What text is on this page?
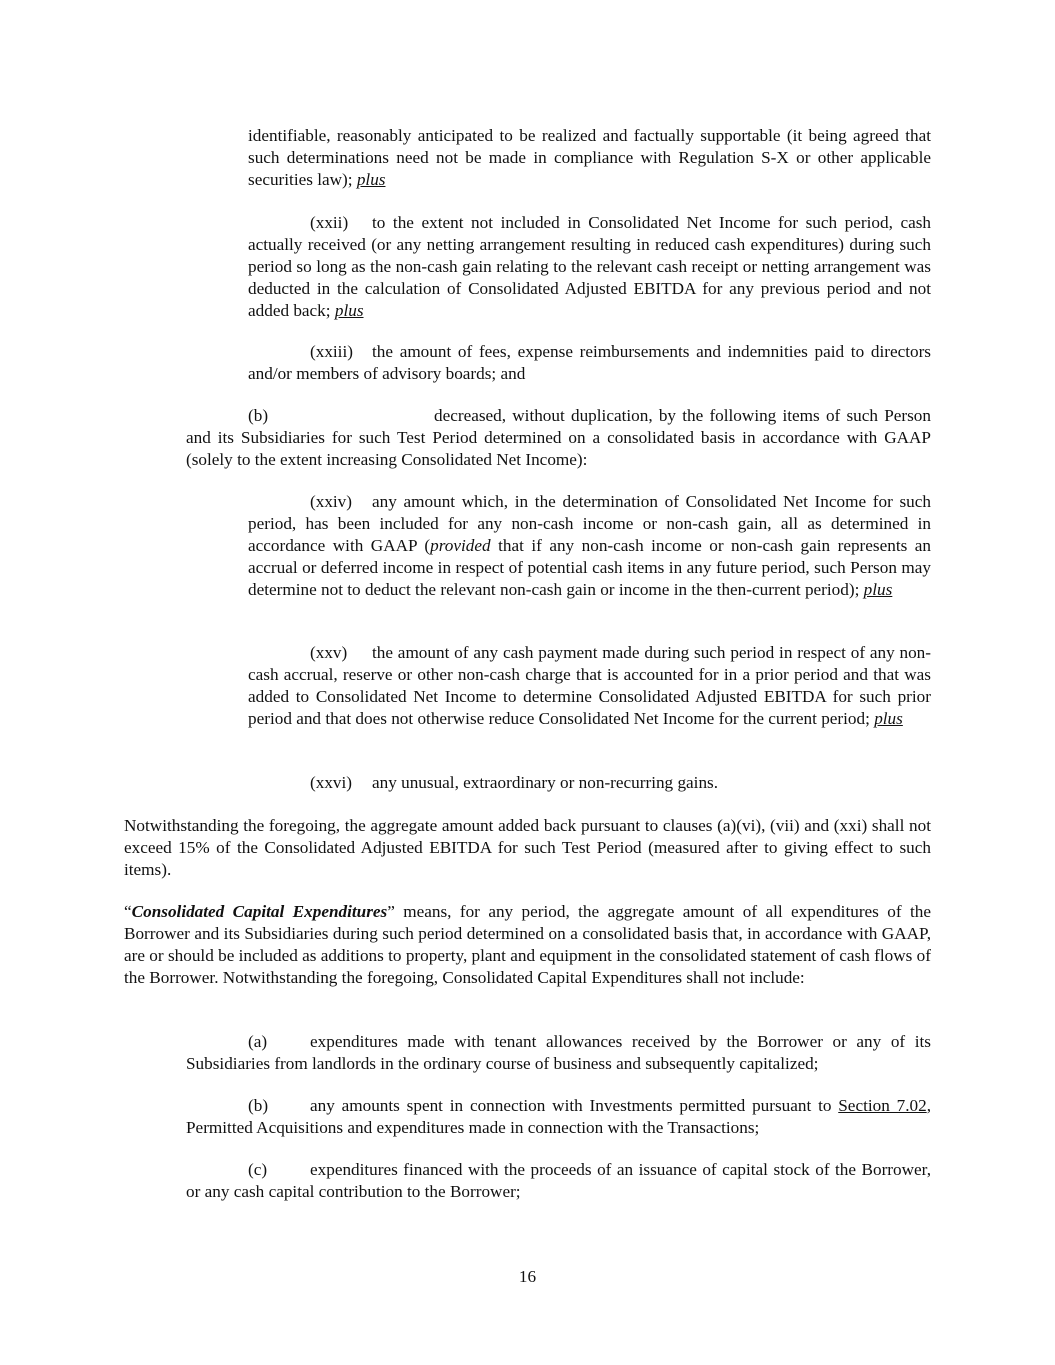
identifiable, reasonably anticipated to be realized and factually supportable (it being agreed that such determinations need not be made in compliance with Regulation S-X or other applicable securities law); plus

(xxii) to the extent not included in Consolidated Net Income for such period, cash actually received (or any netting arrangement resulting in reduced cash expenditures) during such period so long as the non-cash gain relating to the relevant cash receipt or netting arrangement was deducted in the calculation of Consolidated Adjusted EBITDA for any previous period and not added back; plus

(xxiii) the amount of fees, expense reimbursements and indemnities paid to directors and/or members of advisory boards; and

(b)	decreased, without duplication, by the following items of such Person and its Subsidiaries for such Test Period determined on a consolidated basis in accordance with GAAP (solely to the extent increasing Consolidated Net Income):

(xxiv) any amount which, in the determination of Consolidated Net Income for such period, has been included for any non-cash income or non-cash gain, all as determined in accordance with GAAP (provided that if any non-cash income or non-cash gain represents an accrual or deferred income in respect of potential cash items in any future period, such Person may determine not to deduct the relevant non-cash gain or income in the then-current period); plus

(xxv) the amount of any cash payment made during such period in respect of any non-cash accrual, reserve or other non-cash charge that is accounted for in a prior period and that was added to Consolidated Net Income to determine Consolidated Adjusted EBITDA for such prior period and that does not otherwise reduce Consolidated Net Income for the current period; plus

(xxvi) any unusual, extraordinary or non-recurring gains.

Notwithstanding the foregoing, the aggregate amount added back pursuant to clauses (a)(vi), (vii) and (xxi) shall not exceed 15% of the Consolidated Adjusted EBITDA for such Test Period (measured after to giving effect to such items).

“Consolidated Capital Expenditures” means, for any period, the aggregate amount of all expenditures of the Borrower and its Subsidiaries during such period determined on a consolidated basis that, in accordance with GAAP, are or should be included as additions to property, plant and equipment in the consolidated statement of cash flows of the Borrower. Notwithstanding the foregoing, Consolidated Capital Expenditures shall not include:

(a) expenditures made with tenant allowances received by the Borrower or any of its Subsidiaries from landlords in the ordinary course of business and subsequently capitalized;

(b) any amounts spent in connection with Investments permitted pursuant to Section 7.02, Permitted Acquisitions and expenditures made in connection with the Transactions;

(c) expenditures financed with the proceeds of an issuance of capital stock of the Borrower, or any cash capital contribution to the Borrower;

16
